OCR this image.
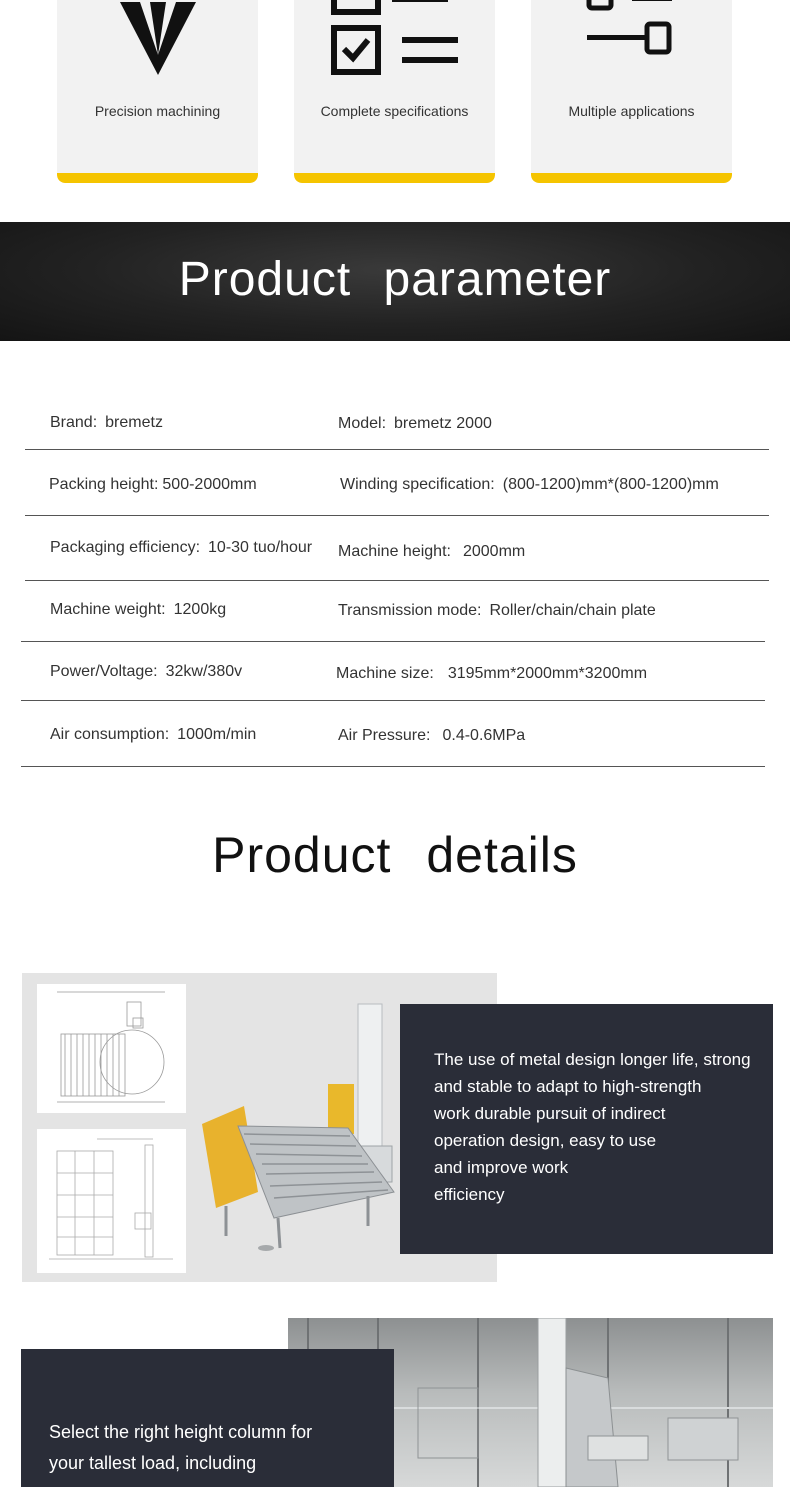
Precision machining	Complete specifications	Multiple applications
Product parameter
Brand: bremetz	Model: bremetz 2000
Packing height: 500-2000mm	Winding specification: (800-1200)mm*(800-1200)mm
Packaging efficiency: 10-30 tuo/hour Machine height: 2000mm
Machine weight: 1200kg	Transmission mode: Roller/chain/chain plate
Power/Voltage: 32kw/380v	Machine size: 3195mm*2000mm*3200mm
Air consumption: 1000m/min	Air Pressure: 0.4-0.6MPa
Product details
The use of metal design longer life, strong
and stable to adapt to high-strength
work durable pursuit of indirect
operation design, easy to use
and improve work
efficiency
Select the right height column for
your tallest load, including
